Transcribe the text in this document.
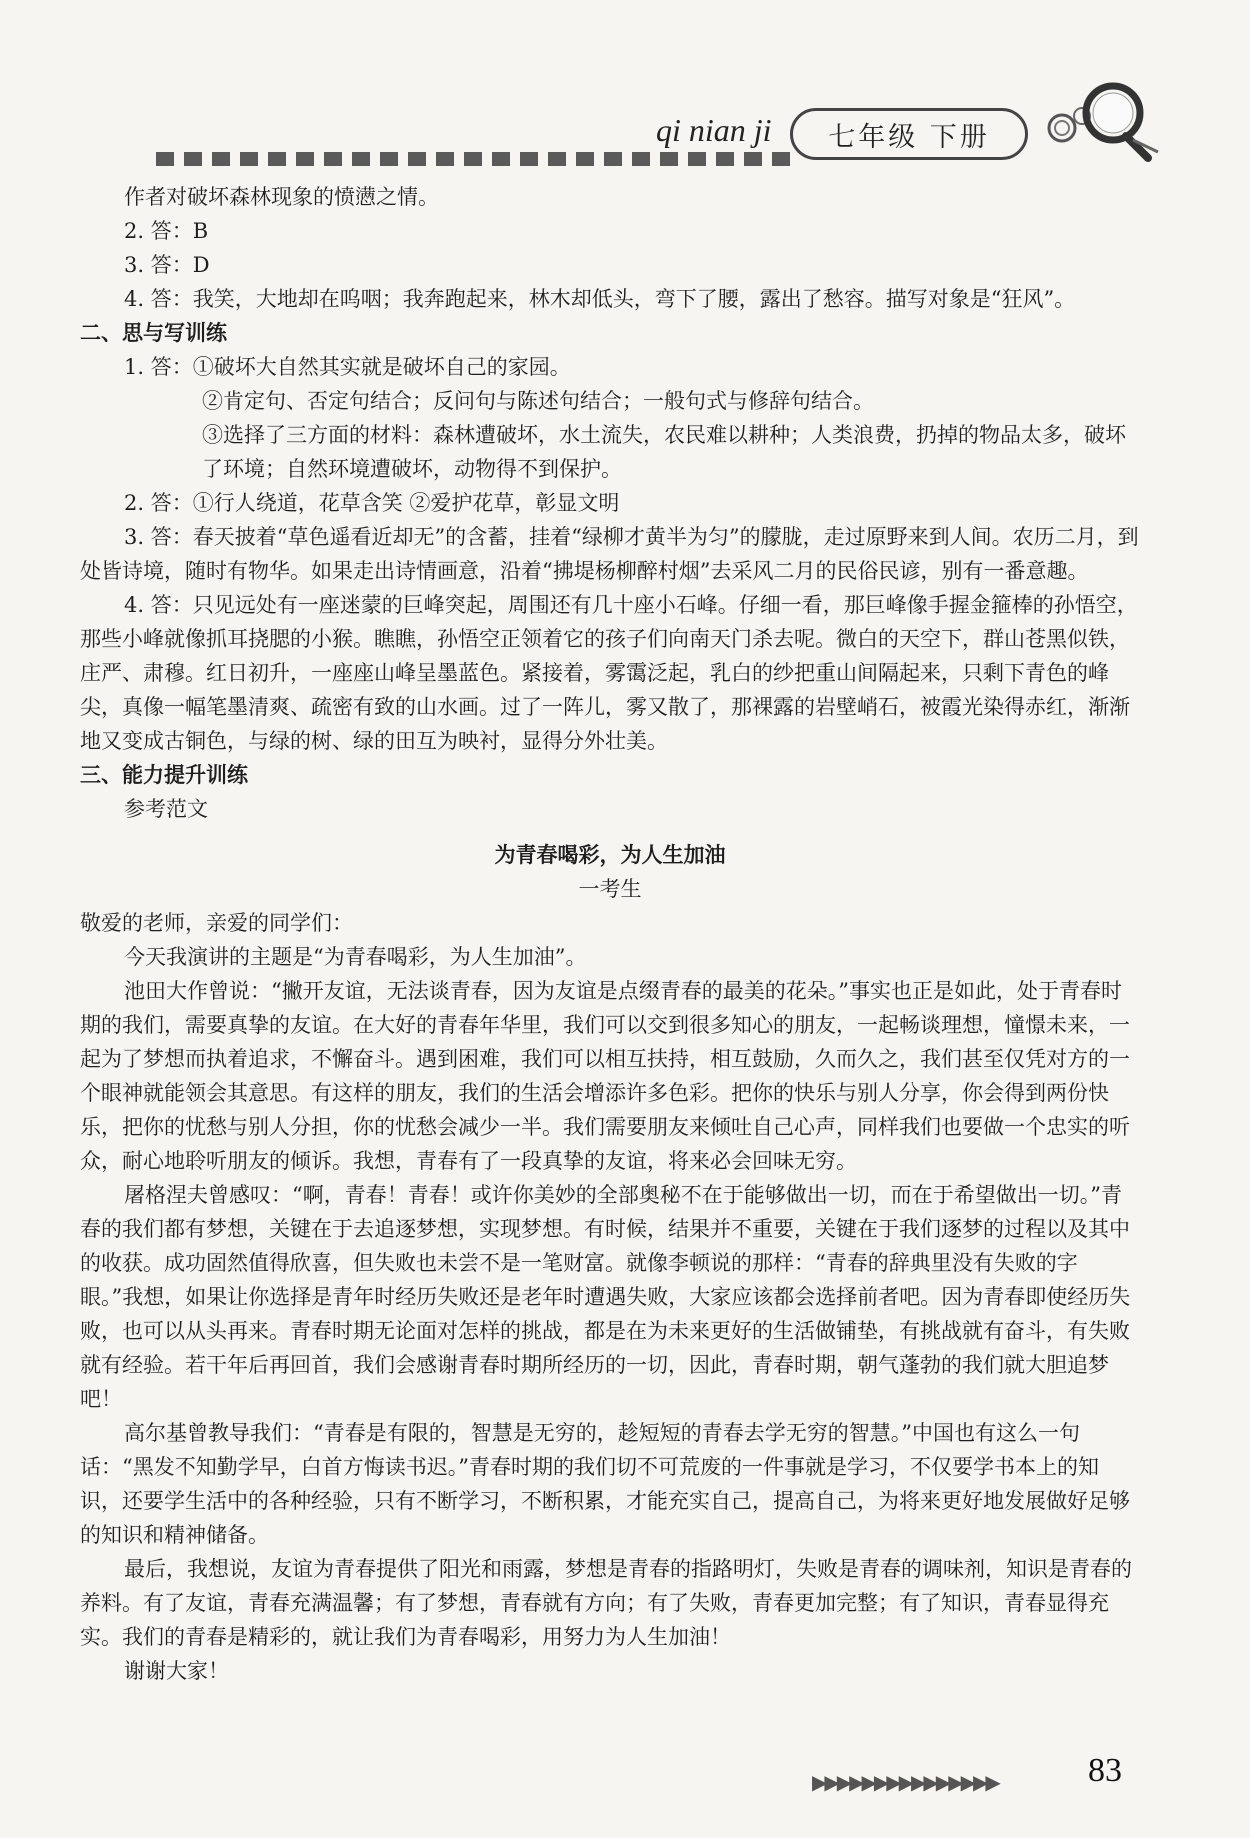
qi nian ji	七年级 下册

作者对破坏森林现象的愤懑之情。

2. 答：B

3. 答：D

4. 答：我笑，大地却在呜咽；我奔跑起来，林木却低头，弯下了腰，露出了愁容。描写对象是“狂风”。

二、思与写训练

1. 答：①破坏大自然其实就是破坏自己的家园。

②肯定句、否定句结合；反问句与陈述句结合；一般句式与修辞句结合。

③选择了三方面的材料：森林遭破坏，水土流失，农民难以耕种；人类浪费，扔掉的物品太多，破坏了环境；自然环境遭破坏，动物得不到保护。

2. 答：①行人绕道，花草含笑 ②爱护花草，彰显文明

3. 答：春天披着“草色遥看近却无”的含蓄，挂着“绿柳才黄半为匀”的朦胧，走过原野来到人间。农历二月，到处皆诗境，随时有物华。如果走出诗情画意，沿着“拂堤杨柳醉村烟”去采风二月的民俗民谚，别有一番意趣。

4. 答：只见远处有一座迷蒙的巨峰突起，周围还有几十座小石峰。仔细一看，那巨峰像手握金箍棒的孙悟空，那些小峰就像抓耳挠腮的小猴。瞧瞧，孙悟空正领着它的孩子们向南天门杀去呢。微白的天空下，群山苍黑似铁，庄严、肃穆。红日初升，一座座山峰呈墨蓝色。紧接着，雾霭泛起，乳白的纱把重山间隔起来，只剩下青色的峰尖，真像一幅笔墨清爽、疏密有致的山水画。过了一阵儿，雾又散了，那裸露的岩壁峭石，被霞光染得赤红，渐渐地又变成古铜色，与绿的树、绿的田互为映衬，显得分外壮美。

三、能力提升训练

参考范文

为青春喝彩，为人生加油

一考生

敬爱的老师，亲爱的同学们：

今天我演讲的主题是“为青春喝彩，为人生加油”。

池田大作曾说：“撇开友谊，无法谈青春，因为友谊是点缀青春的最美的花朵。”事实也正是如此，处于青春时期的我们，需要真挚的友谊。在大好的青春年华里，我们可以交到很多知心的朋友，一起畅谈理想，憧憬未来，一起为了梦想而执着追求，不懈奋斗。遇到困难，我们可以相互扶持，相互鼓励，久而久之，我们甚至仅凭对方的一个眼神就能领会其意思。有这样的朋友，我们的生活会增添许多色彩。把你的快乐与别人分享，你会得到两份快乐，把你的忧愁与别人分担，你的忧愁会减少一半。我们需要朋友来倾吐自己心声，同样我们也要做一个忠实的听众，耐心地聆听朋友的倾诉。我想，青春有了一段真挚的友谊，将来必会回味无穷。

屠格涅夫曾感叹：“啊，青春！青春！或许你美妙的全部奥秘不在于能够做出一切，而在于希望做出一切。”青春的我们都有梦想，关键在于去追逐梦想，实现梦想。有时候，结果并不重要，关键在于我们逐梦的过程以及其中的收获。成功固然值得欣喜，但失败也未尝不是一笔财富。就像李顿说的那样：“青春的辞典里没有失败的字眼。”我想，如果让你选择是青年时经历失败还是老年时遭遇失败，大家应该都会选择前者吧。因为青春即使经历失败，也可以从头再来。青春时期无论面对怎样的挑战，都是在为未来更好的生活做铺垫，有挑战就有奋斗，有失败就有经验。若干年后再回首，我们会感谢青春时期所经历的一切，因此，青春时期，朝气蓬勃的我们就大胆追梦吧！

高尔基曾教导我们：“青春是有限的，智慧是无穷的，趁短短的青春去学无穷的智慧。”中国也有这么一句话：“黑发不知勤学早，白首方悔读书迟。”青春时期的我们切不可荒废的一件事就是学习，不仅要学书本上的知识，还要学生活中的各种经验，只有不断学习，不断积累，才能充实自己，提高自己，为将来更好地发展做好足够的知识和精神储备。

最后，我想说，友谊为青春提供了阳光和雨露，梦想是青春的指路明灯，失败是青春的调味剂，知识是青春的养料。有了友谊，青春充满温馨；有了梦想，青春就有方向；有了失败，青春更加完整；有了知识，青春显得充实。我们的青春是精彩的，就让我们为青春喝彩，用努力为人生加油！

谢谢大家！

▶▶▶▶▶▶▶▶▶▶▶▶▶▶▶	83
